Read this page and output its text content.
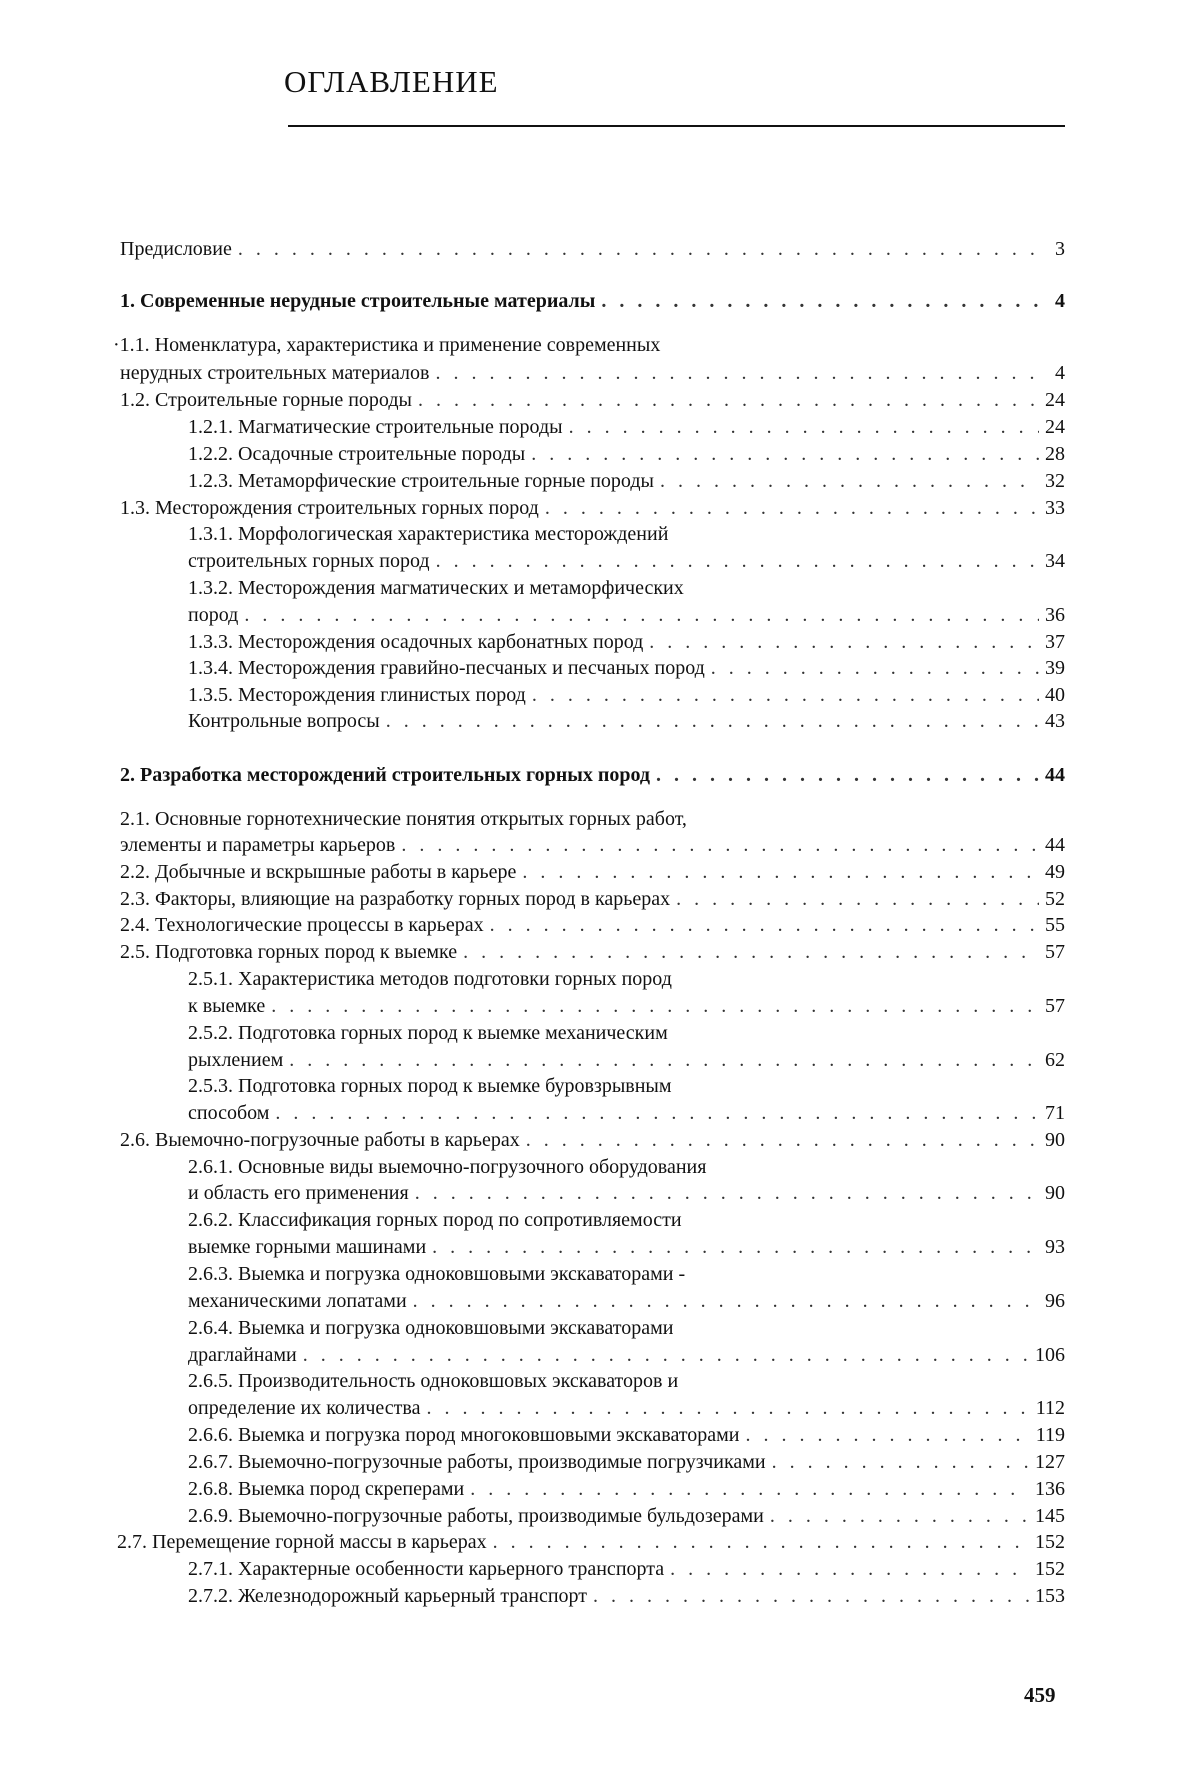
ОГЛАВЛЕНИЕ
Предисловие . . .	3
1. Современные нерудные строительные материалы . . .	4
·1.1. Номенклатура, характеристика и применение современных
нерудных строительных материалов . . .	4
1.2. Строительные горные породы . . .	24
1.2.1. Магматические строительные породы . . .	24
1.2.2. Осадочные строительные породы . . .	28
1.2.3. Метаморфические строительные горные породы . . .	32
1.3. Месторождения строительных горных пород . . .	33
1.3.1. Морфологическая характеристика месторождений
строительных горных пород . . .	34
1.3.2. Месторождения магматических и метаморфических
пород . . .	36
1.3.3. Месторождения осадочных карбонатных пород . . .	37
1.3.4. Месторождения гравийно-песчаных и песчаных пород . . .	39
1.3.5. Месторождения глинистых пород . . .	40
Контрольные вопросы . . .	43
2. Разработка месторождений строительных горных пород . . .	44
2.1. Основные горнотехнические понятия открытых горных работ,
элементы и параметры карьеров . . .	44
2.2. Добычные и вскрышные работы в карьере . . .	49
2.3. Факторы, влияющие на разработку горных пород в карьерах . . .	52
2.4. Технологические процессы в карьерах . . .	55
2.5. Подготовка горных пород к выемке . . .	57
2.5.1. Характеристика методов подготовки горных пород
к выемке . . .	57
2.5.2. Подготовка горных пород к выемке механическим
рыхлением . . .	62
2.5.3. Подготовка горных пород к выемке буровзрывным
способом . . .	71
2.6. Выемочно-погрузочные работы в карьерах . . .	90
2.6.1. Основные виды выемочно-погрузочного оборудования
и область его применения . . .	90
2.6.2. Классификация горных пород по сопротивляемости
выемке горными машинами . . .	93
2.6.3. Выемка и погрузка одноковшовыми экскаваторами -
механическими лопатами . . .	96
2.6.4. Выемка и погрузка одноковшовыми экскаваторами
драглайнами . . .	106
2.6.5. Производительность одноковшовых экскаваторов и
определение их количества . . .	112
2.6.6. Выемка и погрузка пород многоковшовыми экскаваторами . . .	119
2.6.7. Выемочно-погрузочные работы, производимые погрузчиками . . .	127
2.6.8. Выемка пород скреперами . . .	136
2.6.9. Выемочно-погрузочные работы, производимые бульдозерами . . .	145
2.7. Перемещение горной массы в карьерах . . .	152
2.7.1. Характерные особенности карьерного транспорта . . .	152
2.7.2. Железнодорожный карьерный транспорт . . .	153
459
